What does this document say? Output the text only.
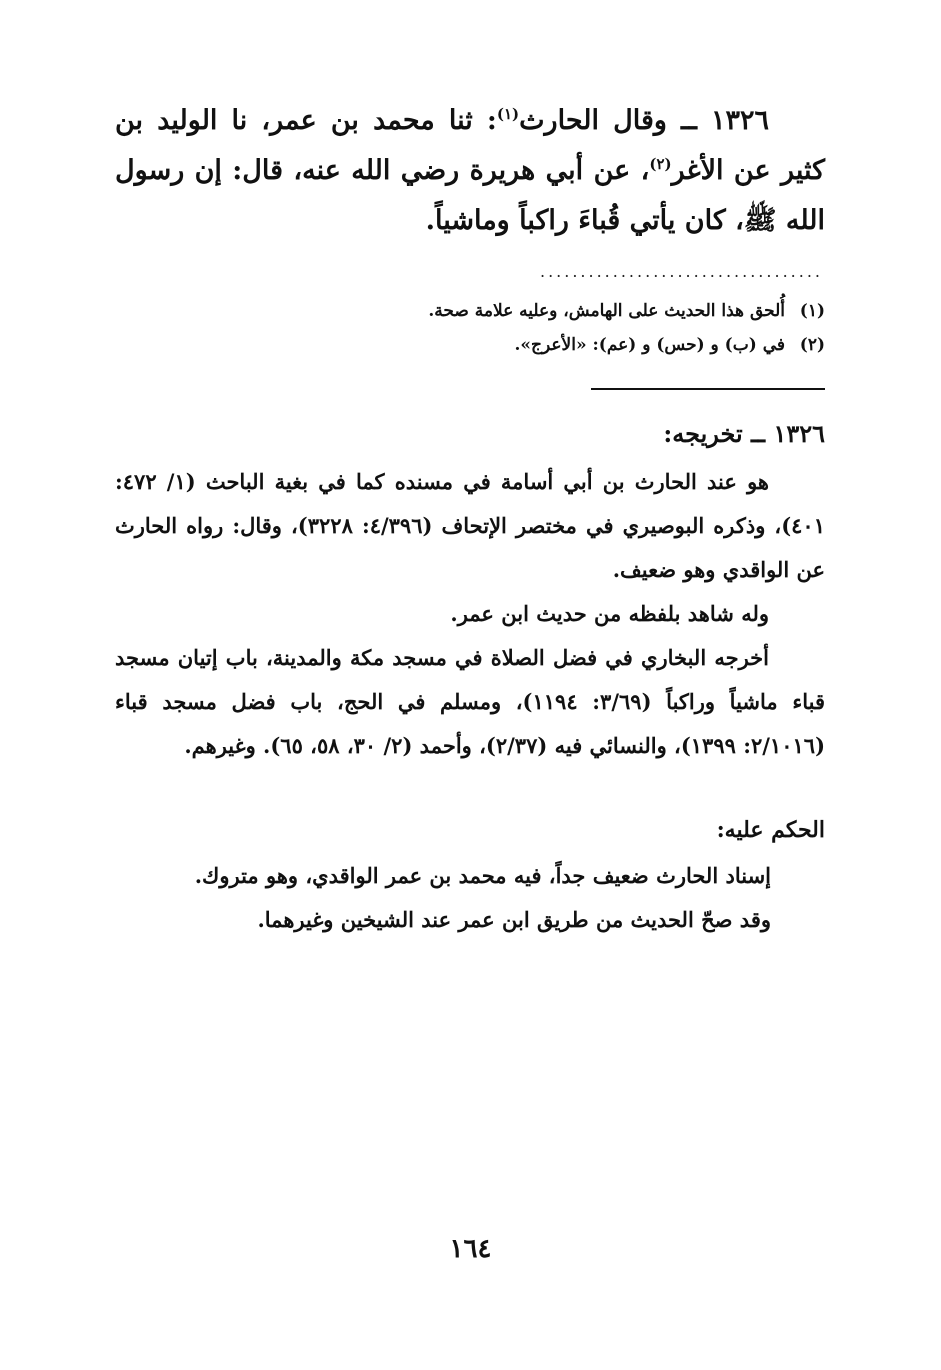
١٣٢٦ ــ وقال الحارث$^{(١)}$: ثنا محمد بن عمر، نا الوليد بن كثير عن الأغر$^{(٢)}$، عن أبي هريرة رضي الله عنه، قال: إن رسول الله ﷺ، كان يأتي قُباءَ راكباً وماشياً.

...................................

(١)أُلحق هذا الحديث على الهامش، وعليه علامة صحة.

(٢)في (ب) و (حس) و (عم): «الأعرج».

١٣٢٦ ــ تخريجه:

هو عند الحارث بن أبي أسامة في مسنده كما في بغية الباحث (١/ ٤٧٢: ٤٠١)، وذكره البوصيري في مختصر الإتحاف (٤/٣٩٦: ٣٢٢٨)، وقال: رواه الحارث عن الواقدي وهو ضعيف.

وله شاهد بلفظه من حديث ابن عمر.

أخرجه البخاري في فضل الصلاة في مسجد مكة والمدينة، باب إتيان مسجد قباء ماشياً وراكباً (٣/٦٩: ١١٩٤)، ومسلم في الحج، باب فضل مسجد قباء (٢/١٠١٦: ١٣٩٩)، والنسائي فيه (٢/٣٧)، وأحمد (٢/ ٣٠، ٥٨، ٦٥). وغيرهم.

الحكم عليه:

إسناد الحارث ضعيف جداً، فيه محمد بن عمر الواقدي، وهو متروك.

وقد صحّ الحديث من طريق ابن عمر عند الشيخين وغيرهما.

١٦٤
